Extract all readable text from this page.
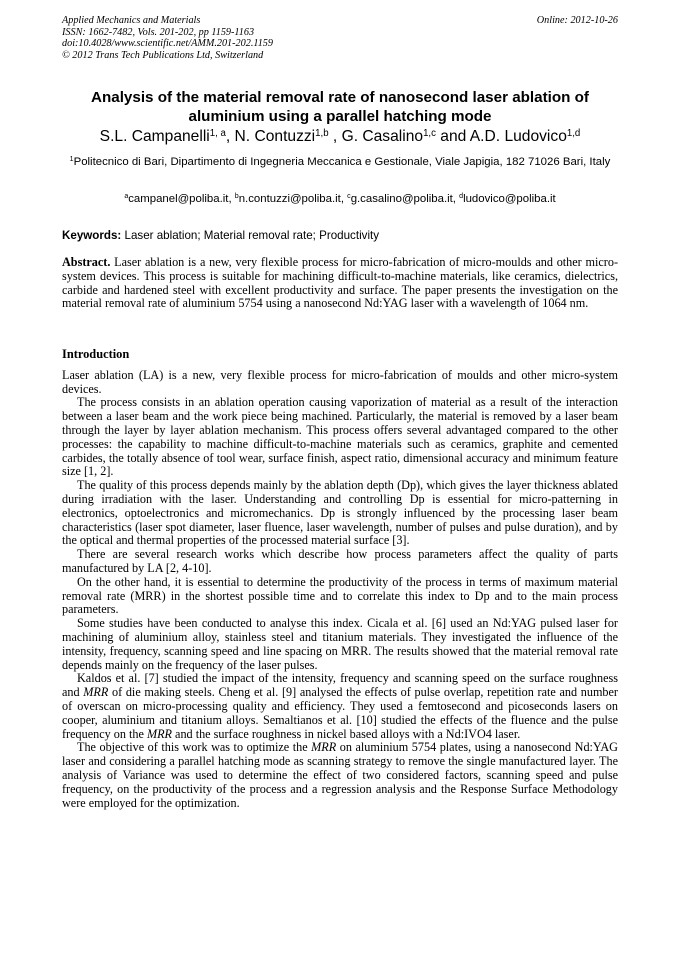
Applied Mechanics and Materials
ISSN: 1662-7482, Vols. 201-202, pp 1159-1163
doi:10.4028/www.scientific.net/AMM.201-202.1159
© 2012 Trans Tech Publications Ltd, Switzerland
Online: 2012-10-26
Analysis of the material removal rate of nanosecond laser ablation of aluminium using a parallel hatching mode
S.L. Campanelli$^{1, a}$, N. Contuzzi$^{1,b}$ , G. Casalino$^{1,c}$ and A.D. Ludovico$^{1,d}$
$^1$Politecnico di Bari, Dipartimento di Ingegneria Meccanica e Gestionale, Viale Japigia, 182 71026 Bari, Italy
$^a$campanel@poliba.it, $^b$n.contuzzi@poliba.it, $^c$g.casalino@poliba.it, $^d$ludovico@poliba.it
Keywords: Laser ablation; Material removal rate; Productivity

Abstract. Laser ablation is a new, very flexible process for micro-fabrication of micro-moulds and other micro-system devices. This process is suitable for machining difficult-to-machine materials, like ceramics, dielectrics, carbide and hardened steel with excellent productivity and surface. The paper presents the investigation on the material removal rate of aluminium 5754 using a nanosecond Nd:YAG laser with a wavelength of 1064 nm.

Introduction

Laser ablation (LA) is a new, very flexible process for micro-fabrication of moulds and other micro-system devices.

The process consists in an ablation operation causing vaporization of material as a result of the interaction between a laser beam and the work piece being machined. Particularly, the material is removed by a laser beam through the layer by layer ablation mechanism. This process offers several advantaged compared to the other processes: the capability to machine difficult-to-machine materials such as ceramics, graphite and cemented carbides, the totally absence of tool wear, surface finish, aspect ratio, dimensional accuracy and minimum feature size [1, 2].

The quality of this process depends mainly by the ablation depth (Dp), which gives the layer thickness ablated during irradiation with the laser. Understanding and controlling Dp is essential for micro-patterning in electronics, optoelectronics and micromechanics. Dp is strongly influenced by the processing laser beam characteristics (laser spot diameter, laser fluence, laser wavelength, number of pulses and pulse duration), and by the optical and thermal properties of the processed material surface [3].

There are several research works which describe how process parameters affect the quality of parts manufactured by LA [2, 4-10].

On the other hand, it is essential to determine the productivity of the process in terms of maximum material removal rate (MRR) in the shortest possible time and to correlate this index to Dp and to the main process parameters.

Some studies have been conducted to analyse this index. Cicala et al. [6] used an Nd:YAG pulsed laser for machining of aluminium alloy, stainless steel and titanium materials. They investigated the influence of the intensity, frequency, scanning speed and line spacing on MRR. The results showed that the material removal rate depends mainly on the frequency of the laser pulses.

Kaldos et al. [7] studied the impact of the intensity, frequency and scanning speed on the surface roughness and MRR of die making steels. Cheng et al. [9] analysed the effects of pulse overlap, repetition rate and number of overscan on micro-processing quality and efficiency. They used a femtosecond and picoseconds lasers on cooper, aluminium and titanium alloys. Semaltianos et al. [10] studied the effects of the fluence and the pulse frequency on the MRR and the surface roughness in nickel based alloys with a Nd:IVO4 laser.

The objective of this work was to optimize the MRR on aluminium 5754 plates, using a nanosecond Nd:YAG laser and considering a parallel hatching mode as scanning strategy to remove the single manufactured layer. The analysis of Variance was used to determine the effect of two considered factors, scanning speed and pulse frequency, on the productivity of the process and a regression analysis and the Response Surface Methodology were employed for the optimization.
